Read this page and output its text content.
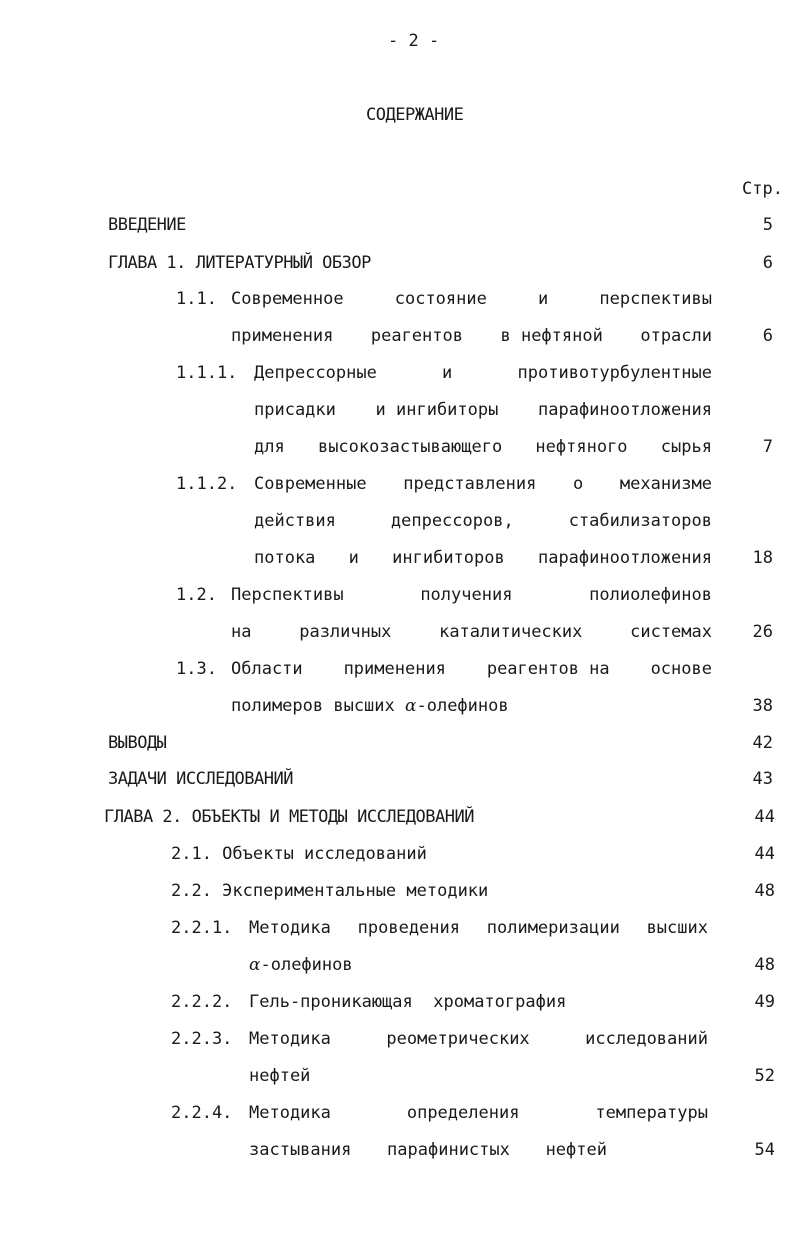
- 2 -
СОДЕРЖАНИЕ
Стр.
ВВЕДЕНИЕ	5
ГЛАВА 1. ЛИТЕРАТУРНЫЙ ОБЗОР	6
1.1. Современное	состояние	и	перспективы
применения реагентов в нефтяной отрасли	6
1.1.1. Депрессорные	и	противотурбулентные
присадки и ингибиторы парафиноотложения
для высокозастывающего нефтяного сырья	7
1.1.2. Современные представления о механизме
действия	депрессоров,	стабилизаторов
потока и ингибиторов парафиноотложения	18
1.2. Перспективы	получения	полиолефинов
на	различных	каталитических	системах	26
1.3. Области применения реагентов на основе
полимеров высших α-олефинов	38
ВЫВОДЫ	42
ЗАДАЧИ ИССЛЕДОВАНИЙ	43
ГЛАВА 2. ОБЪЕКТЫ И МЕТОДЫ ИССЛЕДОВАНИЙ	44
2.1. Объекты исследований	44
2.2. Экспериментальные методики	48
2.2.1. Методика проведения полимеризации высших
α-олефинов	48
2.2.2. Гель-проникающая хроматография	49
2.2.3. Методика	реометрических	исследований
нефтей	52
2.2.4. Методика	определения	температуры
застывания парафинистых нефтей	54
